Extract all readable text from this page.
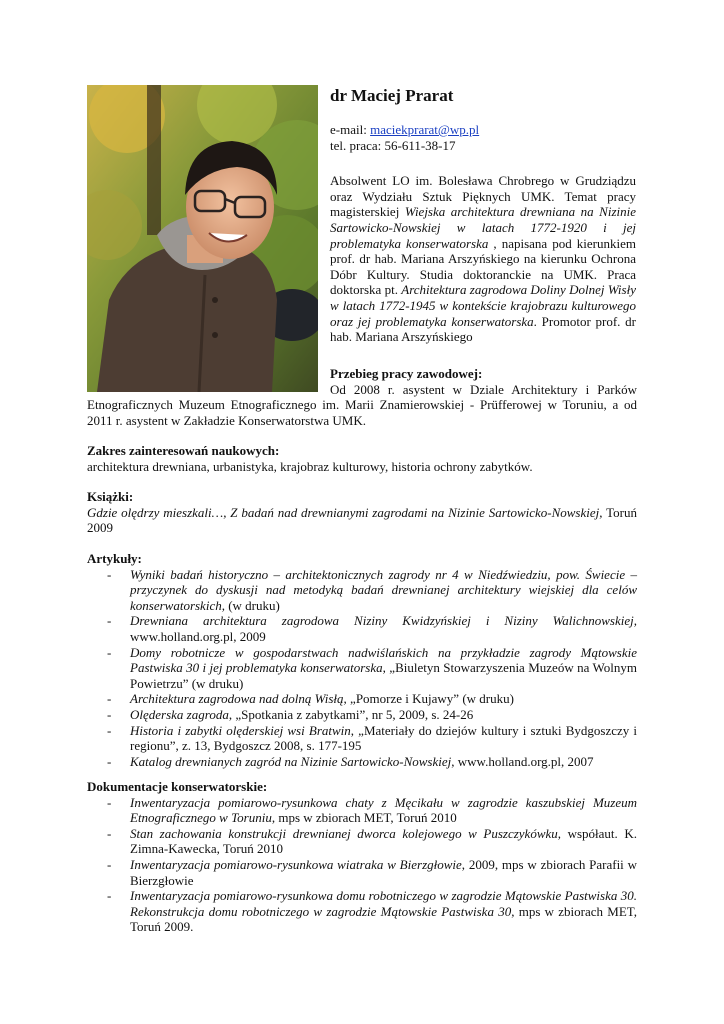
dr Maciej Prarat
e-mail: maciekprarat@wp.pl
tel. praca: 56-611-38-17
Absolwent LO im. Bolesława Chrobrego w Grudziądzu oraz Wydziału Sztuk Pięknych UMK. Temat pracy magisterskiej Wiejska architektura drewniana na Nizinie Sartowicko-Nowskiej w latach 1772-1920 i jej problematyka konserwatorska , napisana pod kierunkiem prof. dr hab. Mariana Arszyńskiego na kierunku Ochrona Dóbr Kultury. Studia doktoranckie na UMK. Praca doktorska pt. Architektura zagrodowa Doliny Dolnej Wisły w latach 1772-1945 w kontekście krajobrazu kulturowego oraz jej problematyka konserwatorska. Promotor prof. dr hab. Mariana Arszyńskiego
Przebieg pracy zawodowej:
Od 2008 r. asystent w Dziale Architektury i Parków
Etnograficznych Muzeum Etnograficznego im. Marii Znamierowskiej - Prüfferowej w Toruniu, a od 2011 r. asystent w Zakładzie Konserwatorstwa UMK.
Zakres zainteresowań naukowych:

architektura drewniana, urbanistyka, krajobraz kulturowy, historia ochrony zabytków.

Książki:

Gdzie olędrzy mieszkali…, Z badań nad drewnianymi zagrodami na Nizinie Sartowicko-Nowskiej, Toruń 2009

Artykuły:
- Wyniki badań historyczno – architektonicznych zagrody nr 4 w Niedźwiedziu, pow. Świecie – przyczynek do dyskusji nad metodyką badań drewnianej architektury wiejskiej dla celów konserwatorskich, (w druku)
- Drewniana architektura zagrodowa Niziny Kwidzyńskiej i Niziny Walichnowskiej, www.holland.org.pl, 2009
- Domy robotnicze w gospodarstwach nadwiślańskich na przykładzie zagrody Mątowskie Pastwiska 30 i jej problematyka konserwatorska, „Biuletyn Stowarzyszenia Muzeów na Wolnym Powietrzu” (w druku)
- Architektura zagrodowa nad dolną Wisłą, „Pomorze i Kujawy” (w druku)
- Olęderska zagroda, „Spotkania z zabytkami”, nr 5, 2009, s. 24-26
- Historia i zabytki olęderskiej wsi Bratwin, „Materiały do dziejów kultury i sztuki Bydgoszczy i regionu”, z. 13, Bydgoszcz 2008, s. 177-195
- Katalog drewnianych zagród na Nizinie Sartowicko-Nowskiej, www.holland.org.pl, 2007
Dokumentacje konserwatorskie:
- Inwentaryzacja pomiarowo-rysunkowa chaty z Męcikału w zagrodzie kaszubskiej Muzeum Etnograficznego w Toruniu, mps w zbiorach MET, Toruń 2010
- Stan zachowania konstrukcji drewnianej dworca kolejowego w Puszczykówku, współaut. K. Zimna-Kawecka, Toruń 2010
- Inwentaryzacja pomiarowo-rysunkowa wiatraka w Bierzgłowie, 2009, mps w zbiorach Parafii w Bierzgłowie
- Inwentaryzacja pomiarowo-rysunkowa domu robotniczego w zagrodzie Mątowskie Pastwiska 30. Rekonstrukcja domu robotniczego w zagrodzie Mątowskie Pastwiska 30, mps w zbiorach MET, Toruń 2009.
